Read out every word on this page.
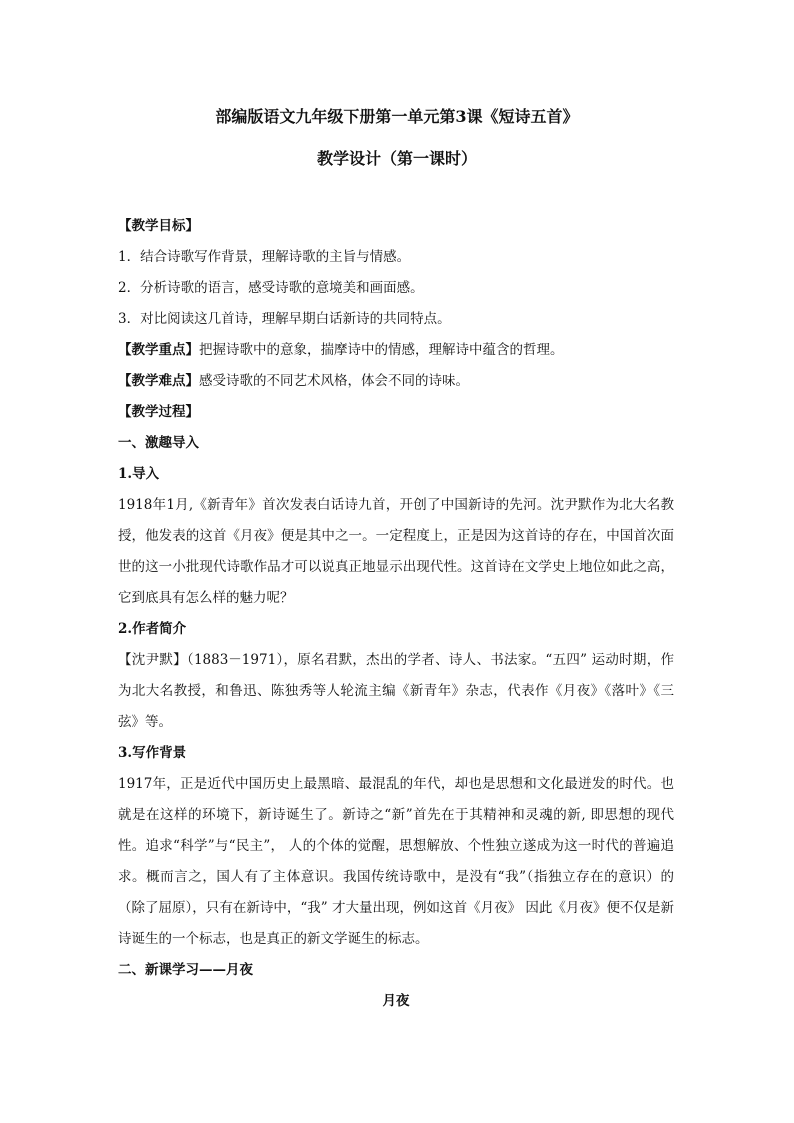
部编版语文九年级下册第一单元第3课《短诗五首》
教学设计（第一课时）

【教学目标】

1．结合诗歌写作背景，理解诗歌的主旨与情感。

2．分析诗歌的语言，感受诗歌的意境美和画面感。

3．对比阅读这几首诗，理解早期白话新诗的共同特点。

【教学重点】把握诗歌中的意象，揣摩诗中的情感，理解诗中蕴含的哲理。

【教学难点】感受诗歌的不同艺术风格，体会不同的诗味。

【教学过程】

一、激趣导入

1.导入

1918年1月,《新青年》首次发表白话诗九首，开创了中国新诗的先河。沈尹默作为北大名教授，他发表的这首《月夜》便是其中之一。一定程度上，正是因为这首诗的存在，中国首次面世的这一小批现代诗歌作品才可以说真正地显示出现代性。这首诗在文学史上地位如此之高，它到底具有怎么样的魅力呢？

2.作者简介

【沈尹默】（1883－1971），原名君默，杰出的学者、诗人、书法家。“五四” 运动时期，作为北大名教授，和鲁迅、陈独秀等人轮流主编《新青年》杂志，代表作《月夜》《落叶》《三弦》等。

3.写作背景

1917年，正是近代中国历史上最黑暗、最混乱的年代，却也是思想和文化最迸发的时代。也就是在这样的环境下，新诗诞生了。新诗之“新”首先在于其精神和灵魂的新, 即思想的现代性。追求“科学”与“民主”， 人的个体的觉醒，思想解放、个性独立遂成为这一时代的普遍追求。概而言之，国人有了主体意识。我国传统诗歌中，是没有“我”（指独立存在的意识）的（除了屈原），只有在新诗中，“我” 才大量出现，例如这首《月夜》 因此《月夜》便不仅是新诗诞生的一个标志，也是真正的新文学诞生的标志。

二、新课学习——月夜

月夜
